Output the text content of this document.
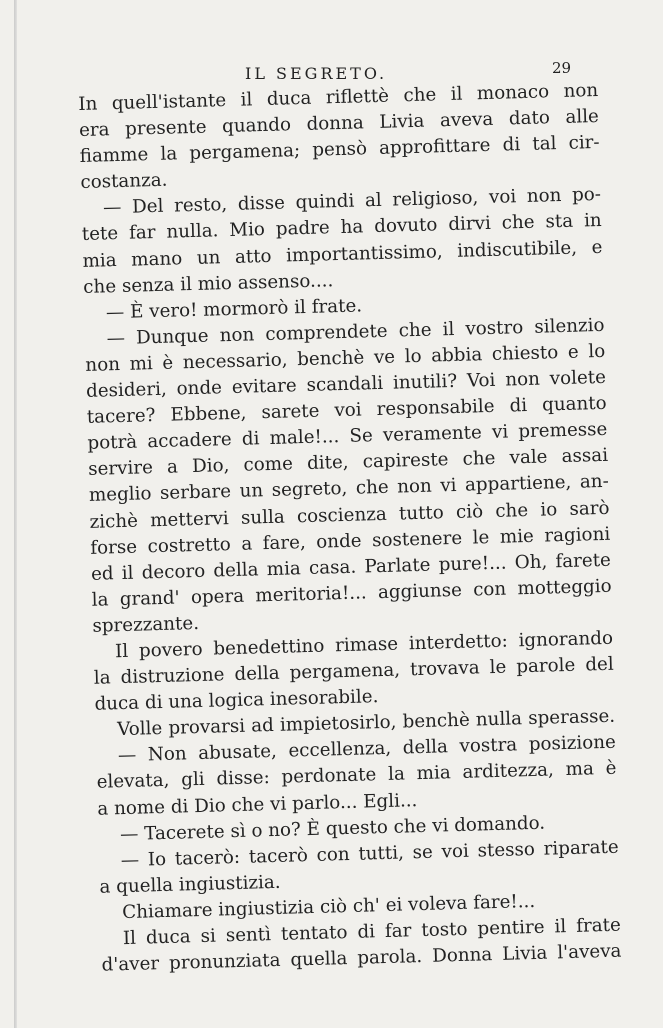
IL SEGRETO.	29
In quell'istante il duca riflettè che il monaco non
era presente quando donna Livia aveva dato alle
fiamme la pergamena; pensò approfittare di tal cir-
costanza.
— Del resto, disse quindi al religioso, voi non po-
tete far nulla. Mio padre ha dovuto dirvi che sta in
mia mano un atto importantissimo, indiscutibile, e
che senza il mio assenso....
— È vero! mormorò il frate.
— Dunque non comprendete che il vostro silenzio
non mi è necessario, benchè ve lo abbia chiesto e lo
desideri, onde evitare scandali inutili? Voi non volete
tacere? Ebbene, sarete voi responsabile di quanto
potrà accadere di male!... Se veramente vi premesse
servire a Dio, come dite, capireste che vale assai
meglio serbare un segreto, che non vi appartiene, an-
zichè mettervi sulla coscienza tutto ciò che io sarò
forse costretto a fare, onde sostenere le mie ragioni
ed il decoro della mia casa. Parlate pure!... Oh, farete
la grand' opera meritoria!... aggiunse con motteggio
sprezzante.
Il povero benedettino rimase interdetto: ignorando
la distruzione della pergamena, trovava le parole del
duca di una logica inesorabile.
Volle provarsi ad impietosirlo, benchè nulla sperasse.
— Non abusate, eccellenza, della vostra posizione
elevata, gli disse: perdonate la mia arditezza, ma è
a nome di Dio che vi parlo... Egli...
— Tacerete sì o no? È questo che vi domando.
— Io tacerò: tacerò con tutti, se voi stesso riparate
a quella ingiustizia.
Chiamare ingiustizia ciò ch' ei voleva fare!...
Il duca si sentì tentato di far tosto pentire il frate
d'aver pronunziata quella parola. Donna Livia l'aveva
